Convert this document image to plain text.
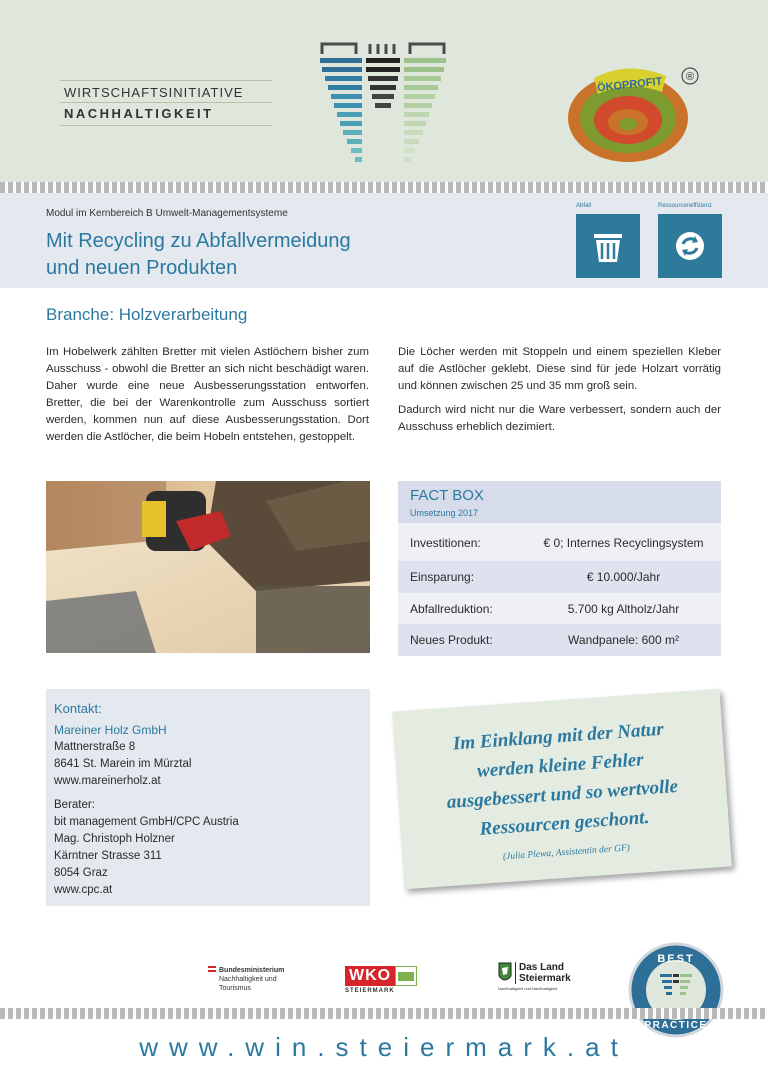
WIRTSCHAFTSINITIATIVE
NACHHALTIGKEIT
ÖKOPROFIT ®
Modul im Kernbereich B Umwelt-Managementsysteme
Mit Recycling zu Abfallvermeidung
und neuen Produkten
Abfall	Ressourceneffizienz
Branche: Holzverarbeitung

Im Hobelwerk zählten Bretter mit vielen Astlöchern bisher zum Ausschuss - obwohl die Bretter an sich nicht beschädigt waren. Daher wurde eine neue Ausbesserungsstation entworfen. Bretter, die bei der Warenkontrolle zum Ausschuss sortiert werden, kommen nun auf diese Ausbesserungsstation. Dort werden die Astlöcher, die beim Hobeln entstehen, gestoppelt.

Die Löcher werden mit Stoppeln und einem speziellen Kleber auf die Astlöcher geklebt. Diese sind für jede Holzart vorrätig und können zwischen 25 und 35 mm groß sein.

Dadurch wird nicht nur die Ware verbessert, sondern auch der Ausschuss erheblich dezimiert.

FACT BOX
Umsetzung 2017
Investitionen:	€ 0; Internes Recyclingsystem
Einsparung:	€ 10.000/Jahr
Abfallreduktion:	5.700 kg Altholz/Jahr
Neues Produkt:	Wandpanele: 600 m²
Kontakt:
Mareiner Holz GmbH
Mattnerstraße 8
8641 St. Marein im Mürztal
www.mareinerholz.at
Berater:
bit management GmbH/CPC Austria
Mag. Christoph Holzner
Kärntner Strasse 311
8054 Graz
www.cpc.at
Im Einklang mit der Natur
werden kleine Fehler
ausgebessert und so wertvolle
Ressourcen geschont.
(Julia Plewa, Assistentin der GF)
Bundesministerium
Nachhaltigkeit und
Tourismus
WKO
STEIERMARK
Das Land
Steiermark
Nachhaltigkeit und Nachhaltigkeit
BEST
PRACTICE
www.win.steiermark.at
